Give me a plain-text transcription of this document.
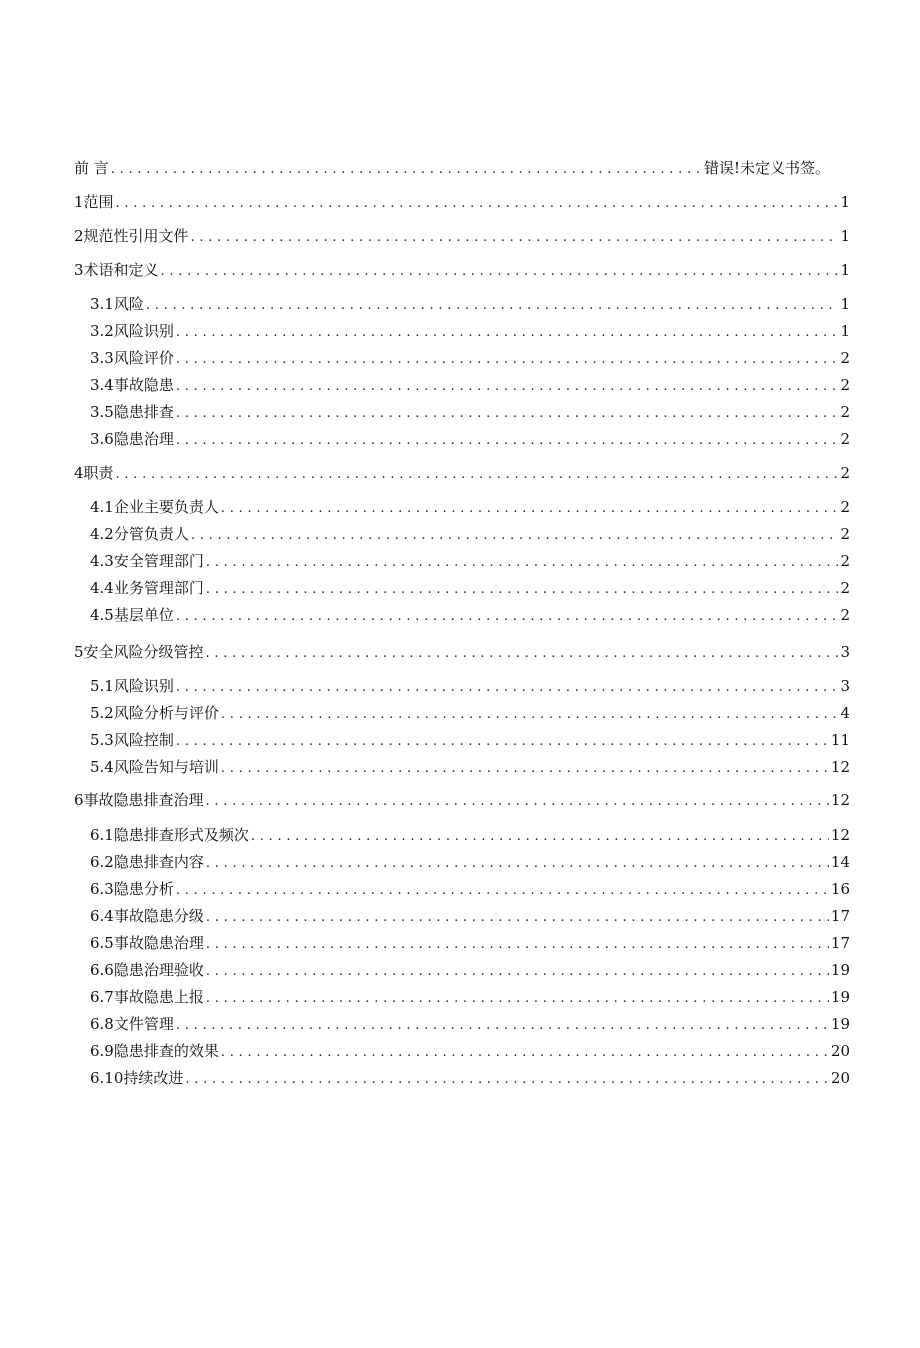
前 言 . . .	错误!未定义书签。
1范围 . . .	1
2规范性引用文件 . . .	1
3术语和定义 . . .	1
3.1风险 . . .	1
3.2风险识别 . . .	1
3.3风险评价 . . .	2
3.4事故隐患 . . .	2
3.5隐患排查 . . .	2
3.6隐患治理 . . .	2
4职责 . . .	2
4.1企业主要负责人 . . .	2
4.2分管负责人 . . .	2
4.3安全管理部门 . . .	2
4.4业务管理部门 . . .	2
4.5基层单位 . . .	2
5安全风险分级管控 . . .	3
5.1风险识别 . . .	3
5.2风险分析与评价 . . .	4
5.3风险控制 . . .	11
5.4风险告知与培训 . . .	12
6事故隐患排查治理 . . .	12
6.1隐患排查形式及频次 . . .	12
6.2隐患排查内容 . . .	14
6.3隐患分析 . . .	16
6.4事故隐患分级 . . .	17
6.5事故隐患治理 . . .	17
6.6隐患治理验收 . . .	19
6.7事故隐患上报 . . .	19
6.8文件管理 . . .	19
6.9隐患排查的效果 . . .	20
6.10持续改进 . . .	20
